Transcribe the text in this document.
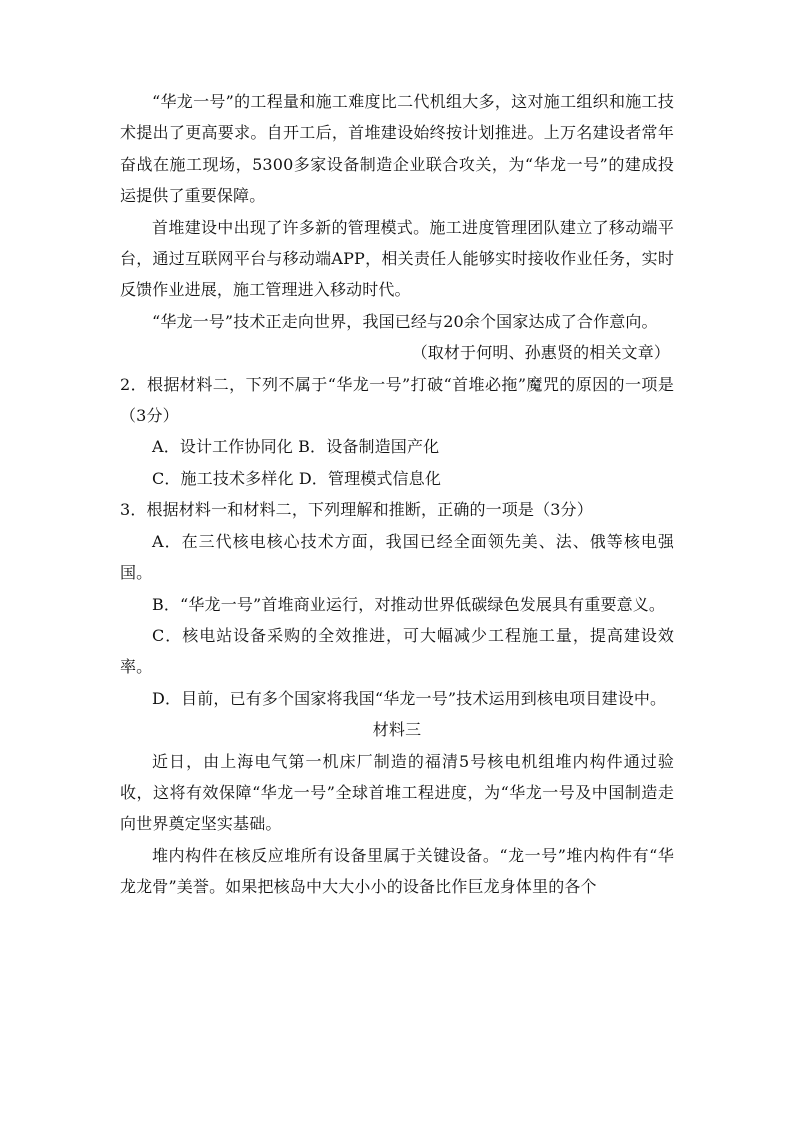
“华龙一号”的工程量和施工难度比二代机组大多，这对施工组织和施工技术提出了更高要求。自开工后，首堆建设始终按计划推进。上万名建设者常年奋战在施工现场，5300多家设备制造企业联合攻关，为“华龙一号”的建成投运提供了重要保障。

首堆建设中出现了许多新的管理模式。施工进度管理团队建立了移动端平台，通过互联网平台与移动端APP，相关责任人能够实时接收作业任务，实时反馈作业进展，施工管理进入移动时代。

“华龙一号”技术正走向世界，我国已经与20余个国家达成了合作意向。

（取材于何明、孙惠贤的相关文章）

2．根据材料二，下列不属于“华龙一号”打破“首堆必拖”魔咒的原因的一项是（3分）

A．设计工作协同化 B．设备制造国产化

C．施工技术多样化 D．管理模式信息化

3．根据材料一和材料二，下列理解和推断，正确的一项是（3分）

A．在三代核电核心技术方面，我国已经全面领先美、法、俄等核电强国。

B．“华龙一号”首堆商业运行，对推动世界低碳绿色发展具有重要意义。

C．核电站设备采购的全效推进，可大幅减少工程施工量，提高建设效率。

D．目前，已有多个国家将我国“华龙一号”技术运用到核电项目建设中。

材料三

近日，由上海电气第一机床厂制造的福清5号核电机组堆内构件通过验收，这将有效保障“华龙一号”全球首堆工程进度，为“华龙一号及中国制造走向世界奠定坚实基础。

堆内构件在核反应堆所有设备里属于关键设备。“龙一号”堆内构件有“华龙龙骨”美誉。如果把核岛中大大小小的设备比作巨龙身体里的各个
